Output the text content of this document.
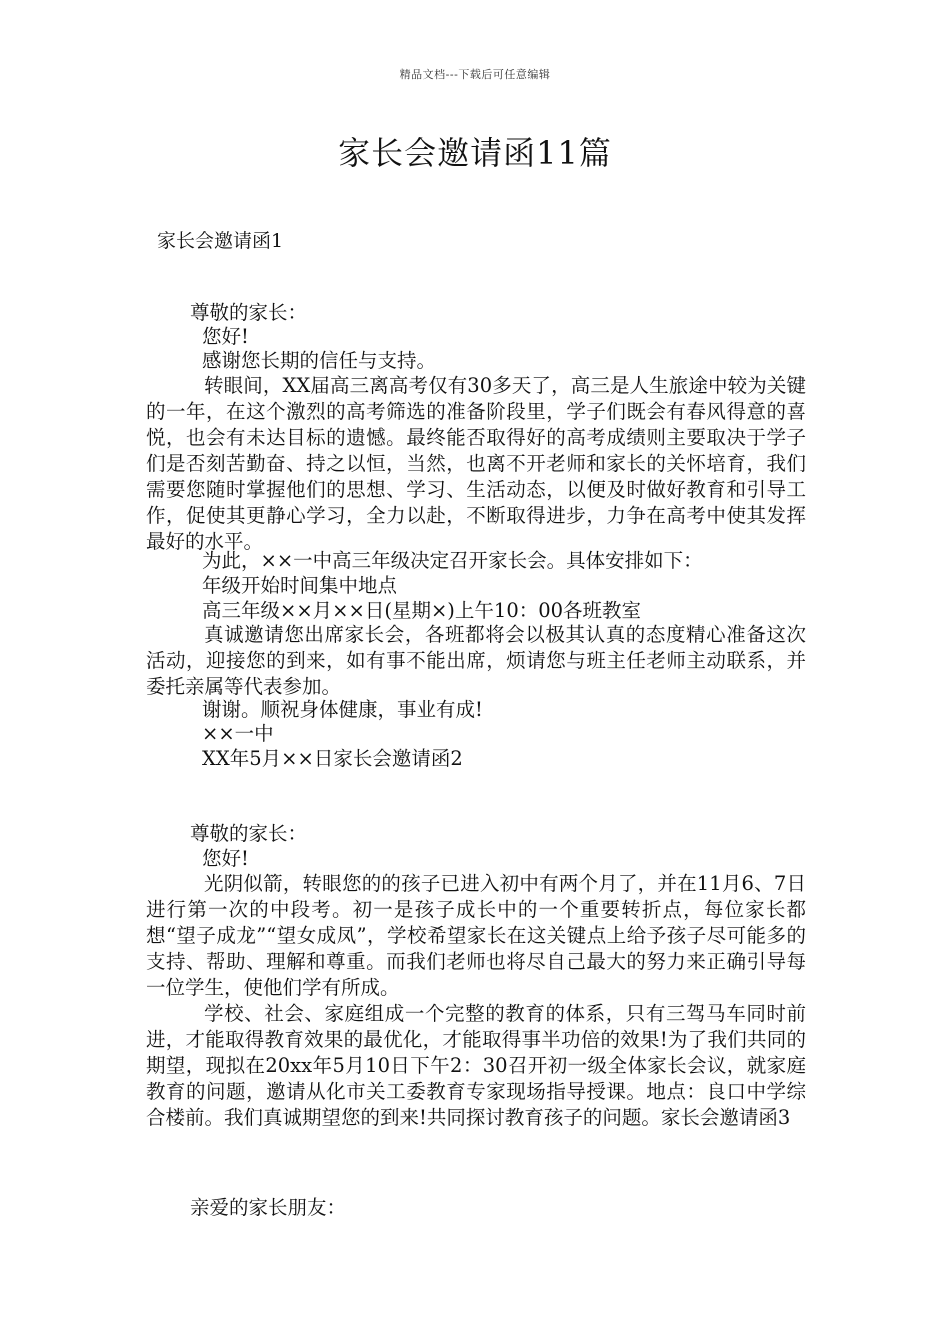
精品文档---下载后可任意编辑
家长会邀请函11篇
家长会邀请函1
尊敬的家长：
您好!
感谢您长期的信任与支持。

转眼间，XX届高三离高考仅有30多天了，高三是人生旅途中较为关键的一年，在这个激烈的高考筛选的准备阶段里，学子们既会有春风得意的喜悦，也会有未达目标的遗憾。最终能否取得好的高考成绩则主要取决于学子们是否刻苦勤奋、持之以恒，当然，也离不开老师和家长的关怀培育，我们需要您随时掌握他们的思想、学习、生活动态，以便及时做好教育和引导工作，促使其更静心学习，全力以赴，不断取得进步，力争在高考中使其发挥最好的水平。

为此，××一中高三年级决定召开家长会。具体安排如下：
年级开始时间集中地点
高三年级××月××日(星期×)上午10：00各班教室

真诚邀请您出席家长会，各班都将会以极其认真的态度精心准备这次活动，迎接您的到来，如有事不能出席，烦请您与班主任老师主动联系，并委托亲属等代表参加。

谢谢。顺祝身体健康，事业有成!
××一中
XX年5月××日家长会邀请函2
尊敬的家长：
您好!

光阴似箭，转眼您的的孩子已进入初中有两个月了，并在11月6、7日进行第一次的中段考。初一是孩子成长中的一个重要转折点，每位家长都想“望子成龙”“望女成凤”，学校希望家长在这关键点上给予孩子尽可能多的支持、帮助、理解和尊重。而我们老师也将尽自己最大的努力来正确引导每一位学生，使他们学有所成。

学校、社会、家庭组成一个完整的教育的体系，只有三驾马车同时前进，才能取得教育效果的最优化，才能取得事半功倍的效果!为了我们共同的期望，现拟在20xx年5月10日下午2：30召开初一级全体家长会议，就家庭教育的问题，邀请从化市关工委教育专家现场指导授课。地点：良口中学综合楼前。我们真诚期望您的到来!共同探讨教育孩子的问题。家长会邀请函3

亲爱的家长朋友：
